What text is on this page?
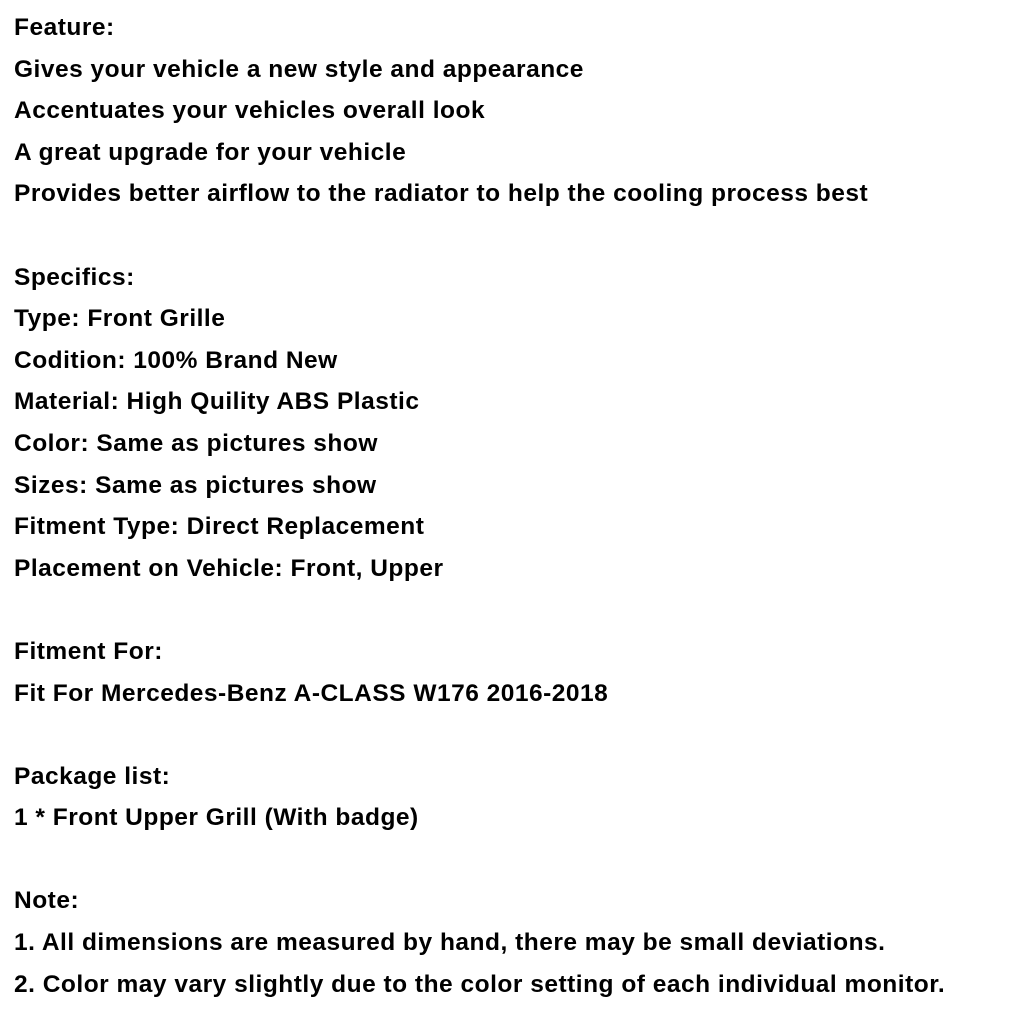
Feature:
Gives your vehicle a new style and appearance
Accentuates your vehicles overall look
A great upgrade for your vehicle
Provides better airflow to the radiator to help the cooling process best
Specifics:
Type: Front Grille
Codition: 100% Brand New
Material: High Quility ABS Plastic
Color: Same as pictures show
Sizes: Same as pictures show
Fitment Type: Direct Replacement
Placement on Vehicle: Front, Upper
Fitment For:
Fit For Mercedes-Benz A-CLASS W176 2016-2018
Package list:
1 * Front Upper Grill (With badge)
Note:
1. All dimensions are measured by hand, there may be small deviations.
2. Color may vary slightly due to the color setting of each individual monitor.
